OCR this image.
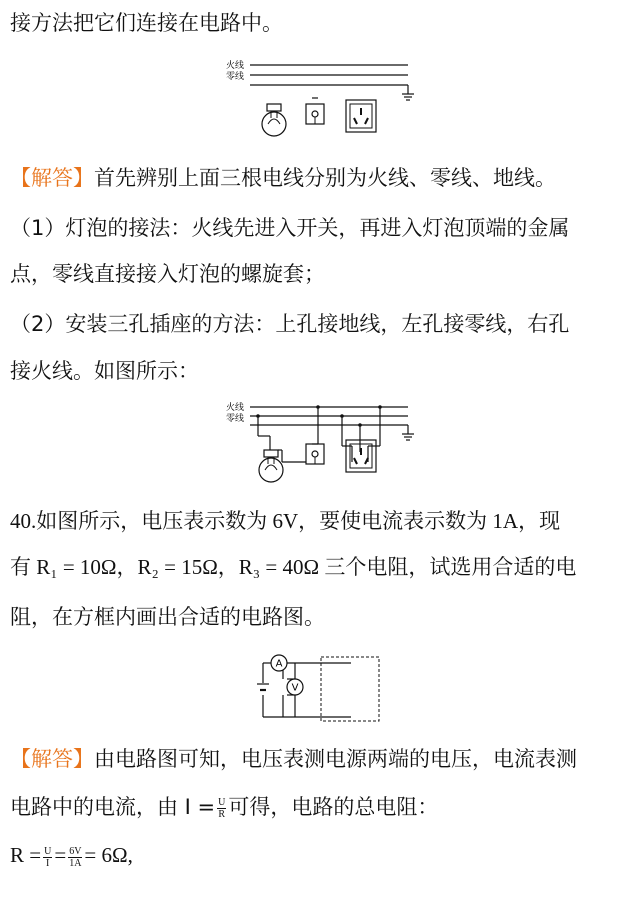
接方法把它们连接在电路中。
火线
零线
【解答】首先辨别上面三根电线分别为火线、零线、地线。
（1）灯泡的接法：火线先进入开关，再进入灯泡顶端的金属
点，零线直接接入灯泡的螺旋套；
（2）安装三孔插座的方法：上孔接地线，左孔接零线，右孔
接火线。如图所示：
火线
零线
40.如图所示，电压表示数为 6V，要使电流表示数为 1A，现
有 R₁ = 10Ω，R₂ = 15Ω，R₃ = 40Ω 三个电阻，试选用合适的电
阻，在方框内画出合适的电路图。
A
V
【解答】由电路图可知，电压表测电源两端的电压，电流表测
电路中的电流，由 $I = \frac{U}{R}$ 可得，电路的总电阻：
$R = \frac{U}{I} = \frac{6V}{1A} = 6\Omega$,
